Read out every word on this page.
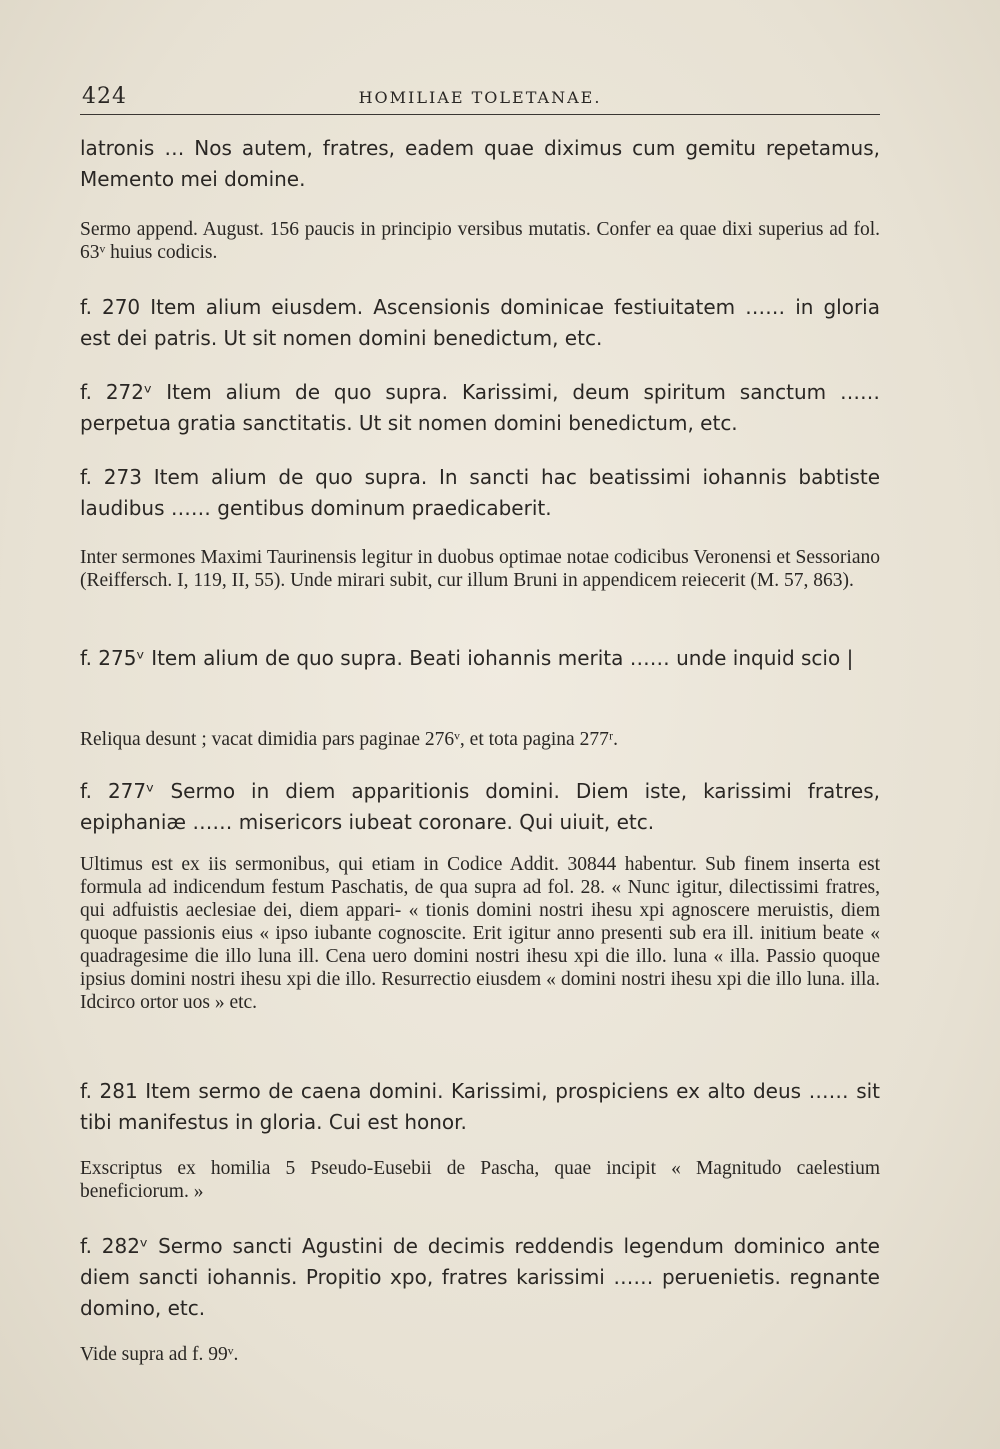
424	HOMILIAE TOLETANAE.
latronis … Nos autem, fratres, eadem quae diximus cum gemitu repetamus, Memento mei domine.
Sermo append. August. 156 paucis in principio versibus mutatis. Confer ea quae dixi superius ad fol. 63ᵛ huius codicis.
f. 270 Item alium eiusdem. Ascensionis dominicae festiuitatem …… in gloria est dei patris. Ut sit nomen domini benedictum, etc.
f. 272ᵛ Item alium de quo supra. Karissimi, deum spiritum sanctum …… perpetua gratia sanctitatis. Ut sit nomen domini benedictum, etc.
f. 273 Item alium de quo supra. In sancti hac beatissimi iohannis babtiste laudibus …… gentibus dominum praedicaberit.
Inter sermones Maximi Taurinensis legitur in duobus optimae notae codicibus Veronensi et Sessoriano (Reiffersch. I, 119, II, 55). Unde mirari subit, cur illum Bruni in appendicem reiecerit (M. 57, 863).
f. 275ᵛ Item alium de quo supra. Beati iohannis merita …… unde inquid scio |
Reliqua desunt ; vacat dimidia pars paginae 276ᵛ, et tota pagina 277ʳ.
f. 277ᵛ Sermo in diem apparitionis domini. Diem iste, karissimi fratres, epiphaniæ …… misericors iubeat coronare. Qui uiuit, etc.
Ultimus est ex iis sermonibus, qui etiam in Codice Addit. 30844 habentur. Sub finem inserta est formula ad indicendum festum Paschatis, de qua supra ad fol. 28. « Nunc igitur, dilectissimi fratres, qui adfuistis aeclesiae dei, diem appari- « tionis domini nostri ihesu xpi agnoscere meruistis, diem quoque passionis eius « ipso iubante cognoscite. Erit igitur anno presenti sub era ill. initium beate « quadragesime die illo luna ill. Cena uero domini nostri ihesu xpi die illo. luna « illa. Passio quoque ipsius domini nostri ihesu xpi die illo. Resurrectio eiusdem « domini nostri ihesu xpi die illo luna. illa. Idcirco ortor uos » etc.
f. 281 Item sermo de caena domini. Karissimi, prospiciens ex alto deus …… sit tibi manifestus in gloria. Cui est honor.
Exscriptus ex homilia 5 Pseudo-Eusebii de Pascha, quae incipit « Magnitudo caelestium beneficiorum. »
f. 282ᵛ Sermo sancti Agustini de decimis reddendis legendum dominico ante diem sancti iohannis. Propitio xpo, fratres karissimi …… peruenietis. regnante domino, etc.
Vide supra ad f. 99ᵛ.
